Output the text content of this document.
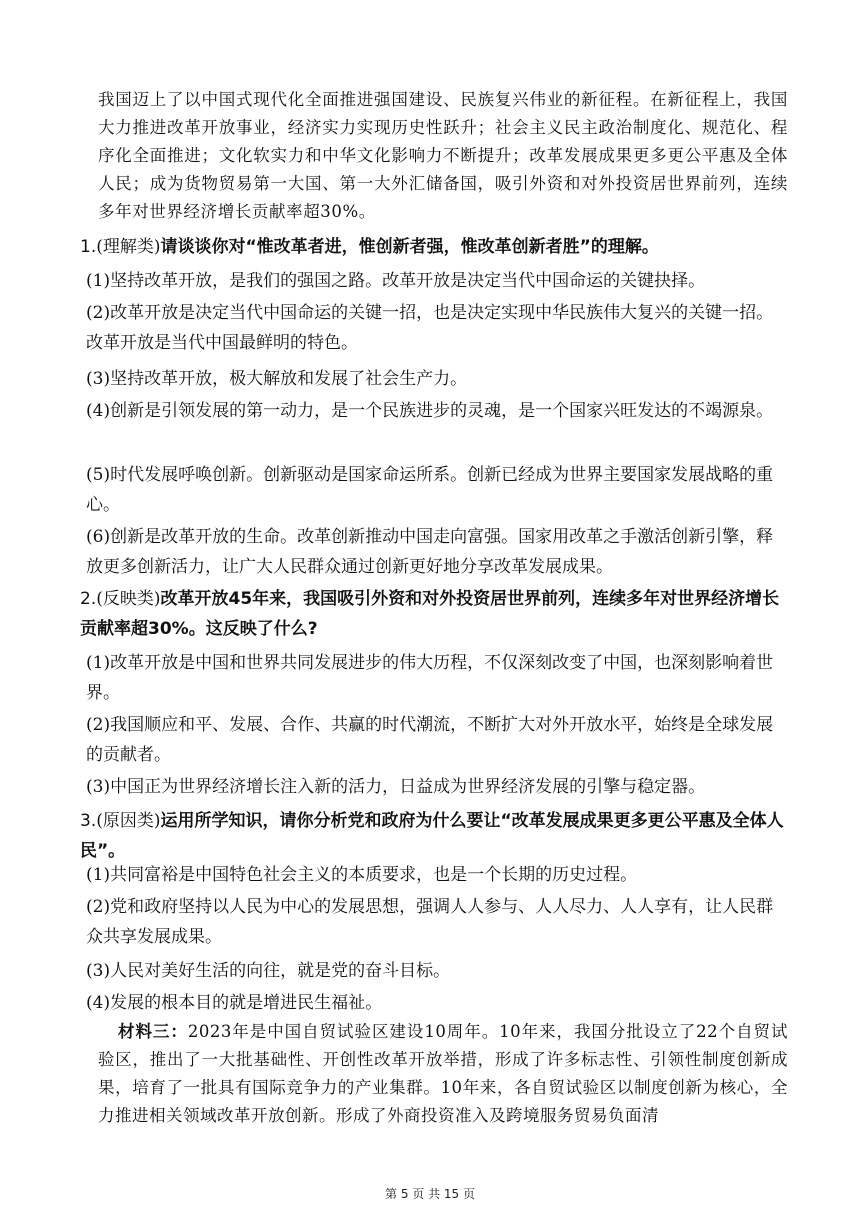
我国迈上了以中国式现代化全面推进强国建设、民族复兴伟业的新征程。在新征程上，我国大力推进改革开放事业，经济实力实现历史性跃升；社会主义民主政治制度化、规范化、程序化全面推进；文化软实力和中华文化影响力不断提升；改革发展成果更多更公平惠及全体人民；成为货物贸易第一大国、第一大外汇储备国，吸引外资和对外投资居世界前列，连续多年对世界经济增长贡献率超30%。
1.(理解类)请谈谈你对“惟改革者进，惟创新者强，惟改革创新者胜”的理解。
(1)坚持改革开放，是我们的强国之路。改革开放是决定当代中国命运的关键抉择。
(2)改革开放是决定当代中国命运的关键一招，也是决定实现中华民族伟大复兴的关键一招。改革开放是当代中国最鲜明的特色。
(3)坚持改革开放，极大解放和发展了社会生产力。
(4)创新是引领发展的第一动力，是一个民族进步的灵魂，是一个国家兴旺发达的不竭源泉。
(5)时代发展呼唤创新。创新驱动是国家命运所系。创新已经成为世界主要国家发展战略的重心。
(6)创新是改革开放的生命。改革创新推动中国走向富强。国家用改革之手激活创新引擎，释放更多创新活力，让广大人民群众通过创新更好地分享改革发展成果。
2.(反映类)改革开放45年来，我国吸引外资和对外投资居世界前列，连续多年对世界经济增长贡献率超30%。这反映了什么?
(1)改革开放是中国和世界共同发展进步的伟大历程，不仅深刻改变了中国，也深刻影响着世界。
(2)我国顺应和平、发展、合作、共赢的时代潮流，不断扩大对外开放水平，始终是全球发展的贡献者。
(3)中国正为世界经济增长注入新的活力，日益成为世界经济发展的引擎与稳定器。
3.(原因类)运用所学知识，请你分析党和政府为什么要让“改革发展成果更多更公平惠及全体人民”。
(1)共同富裕是中国特色社会主义的本质要求，也是一个长期的历史过程。
(2)党和政府坚持以人民为中心的发展思想，强调人人参与、人人尽力、人人享有，让人民群众共享发展成果。
(3)人民对美好生活的向往，就是党的奋斗目标。
(4)发展的根本目的就是增进民生福祉。
材料三：2023年是中国自贸试验区建设10周年。10年来，我国分批设立了22个自贸试验区，推出了一大批基础性、开创性改革开放举措，形成了许多标志性、引领性制度创新成果，培育了一批具有国际竞争力的产业集群。10年来，各自贸试验区以制度创新为核心，全力推进相关领域改革开放创新。形成了外商投资准入及跨境服务贸易负面清
第 5 页 共 15 页
